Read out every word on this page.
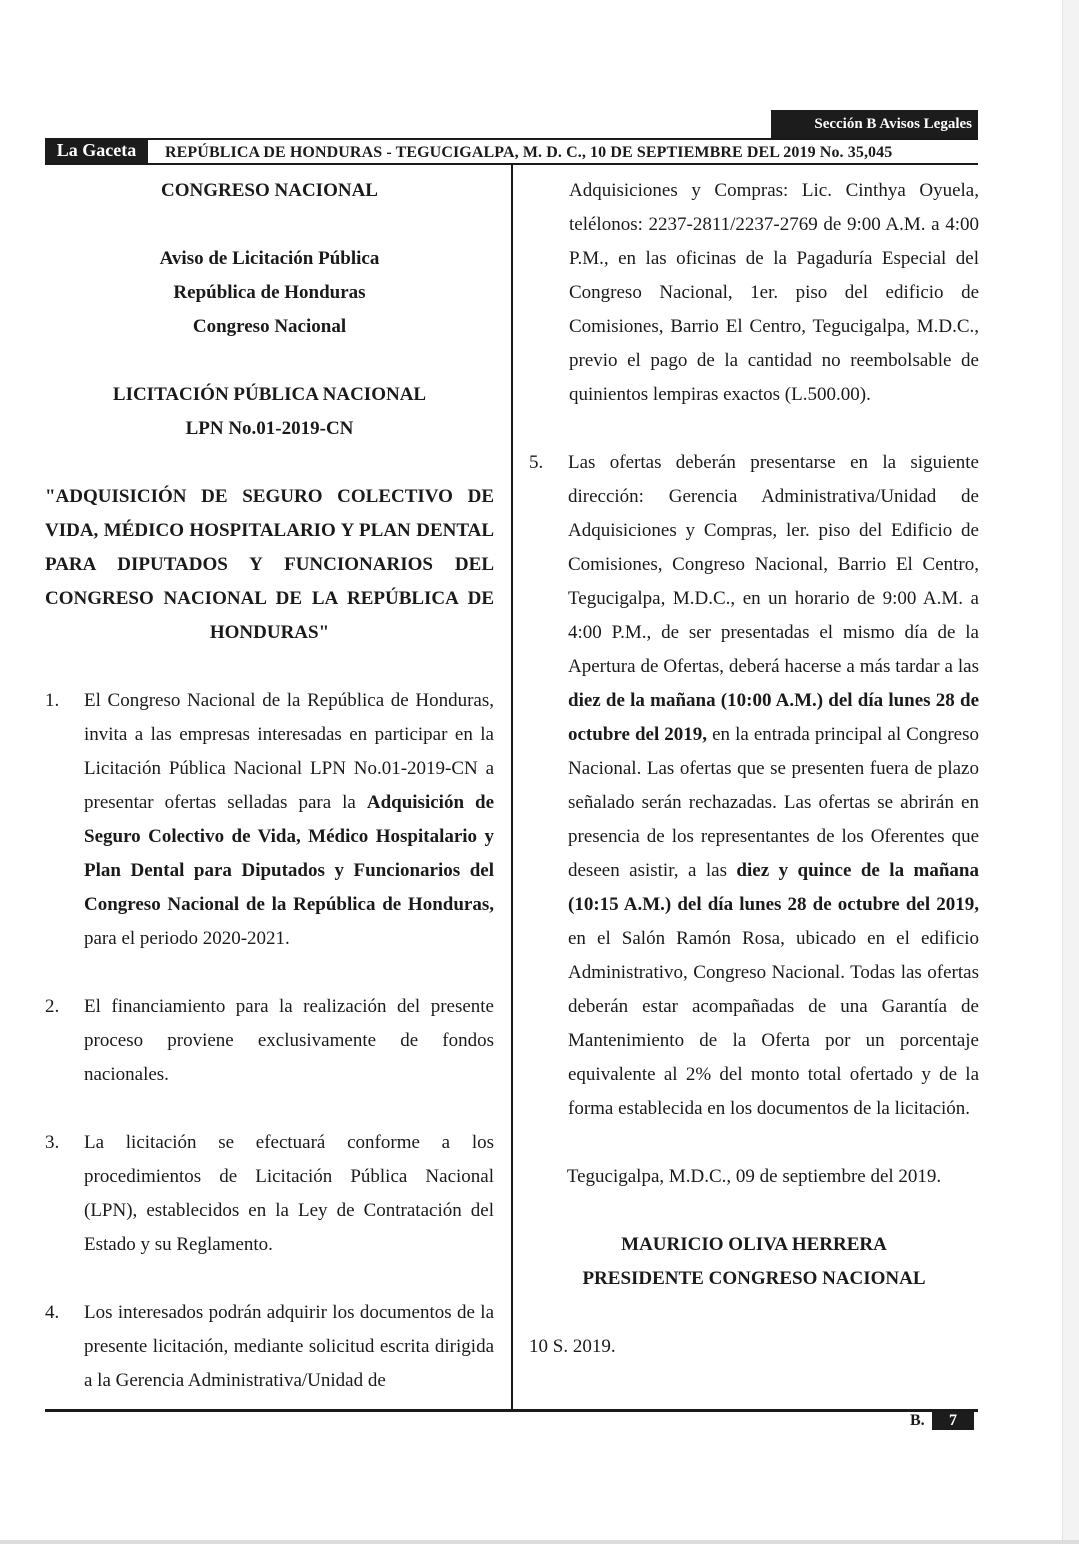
Sección B Avisos Legales
La Gaceta	REPÚBLICA DE HONDURAS - TEGUCIGALPA, M. D. C., 10 DE SEPTIEMBRE DEL 2019 No. 35,045

CONGRESO NACIONAL

Aviso de Licitación Pública

República de Honduras

Congreso Nacional

LICITACIÓN PÚBLICA NACIONAL

LPN No.01-2019-CN

"ADQUISICIÓN DE SEGURO COLECTIVO DE VIDA, MÉDICO HOSPITALARIO Y PLAN DENTAL PARA DIPUTADOS Y FUNCIONARIOS DEL CONGRESO NACIONAL DE LA REPÚBLICA DE HONDURAS"

1.	El Congreso Nacional de la República de Honduras, invita a las empresas interesadas en participar en la Licitación Pública Nacional LPN No.01-2019-CN a presentar ofertas selladas para la Adquisición de Seguro Colectivo de Vida, Médico Hospitalario y Plan Dental para Diputados y Funcionarios del Congreso Nacional de la República de Honduras, para el periodo 2020-2021.

2.	El financiamiento para la realización del presente proceso proviene exclusivamente de fondos nacionales.

3.	La licitación se efectuará conforme a los procedimientos de Licitación Pública Nacional (LPN), establecidos en la Ley de Contratación del Estado y su Reglamento.

4.	Los interesados podrán adquirir los documentos de la presente licitación, mediante solicitud escrita dirigida a la Gerencia Administrativa/Unidad de

Adquisiciones y Compras: Lic. Cinthya Oyuela, telélonos: 2237-2811/2237-2769 de 9:00 A.M. a 4:00 P.M., en las oficinas de la Pagaduría Especial del Congreso Nacional, 1er. piso del edificio de Comisiones, Barrio El Centro, Tegucigalpa, M.D.C., previo el pago de la cantidad no reembolsable de quinientos lempiras exactos (L.500.00).

5.	Las ofertas deberán presentarse en la siguiente dirección: Gerencia Administrativa/Unidad de Adquisiciones y Compras, ler. piso del Edificio de Comisiones, Congreso Nacional, Barrio El Centro, Tegucigalpa, M.D.C., en un horario de 9:00 A.M. a 4:00 P.M., de ser presentadas el mismo día de la Apertura de Ofertas, deberá hacerse a más tardar a las diez de la mañana (10:00 A.M.) del día lunes 28 de octubre del 2019, en la entrada principal al Congreso Nacional. Las ofertas que se presenten fuera de plazo señalado serán rechazadas. Las ofertas se abrirán en presencia de los representantes de los Oferentes que deseen asistir, a las diez y quince de la mañana (10:15 A.M.) del día lunes 28 de octubre del 2019, en el Salón Ramón Rosa, ubicado en el edificio Administrativo, Congreso Nacional. Todas las ofertas deberán estar acompañadas de una Garantía de Mantenimiento de la Oferta por un porcentaje equivalente al 2% del monto total ofertado y de la forma establecida en los documentos de la licitación.

Tegucigalpa, M.D.C., 09 de septiembre del 2019.

MAURICIO OLIVA HERRERA

PRESIDENTE CONGRESO NACIONAL

10 S. 2019.

B. 7
